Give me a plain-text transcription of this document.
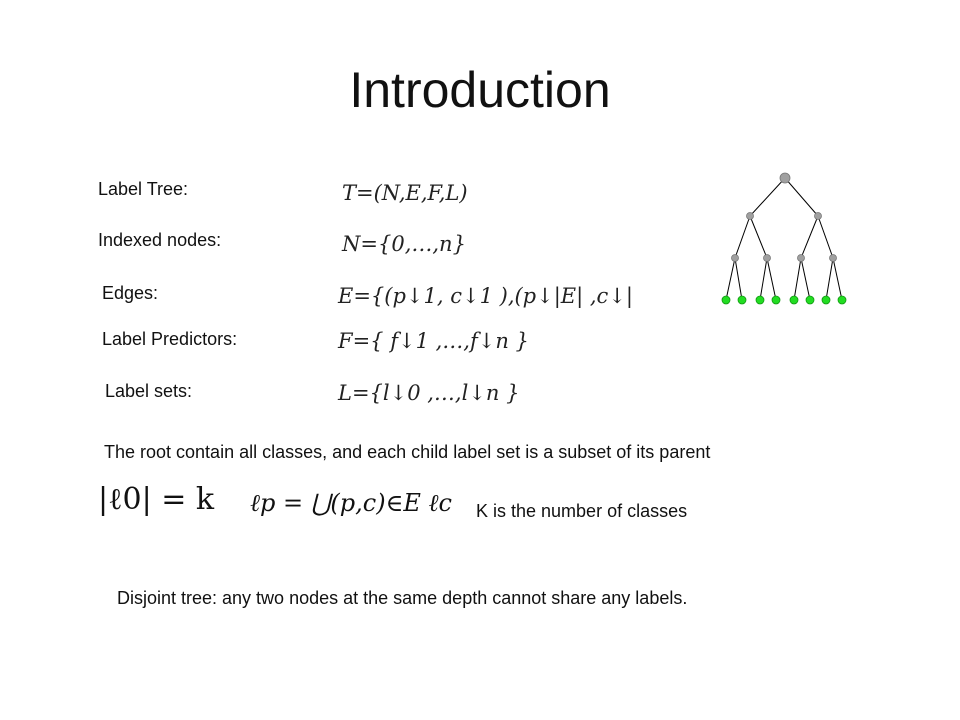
Introduction
Label Tree:	T=(N,E,F,L)
Indexed nodes:	N={0,…,n}
Edges:	E={(p↓1, c↓1 ),(p↓|E| ,c↓|
Label Predictors:	F={ f↓1 ,…,f↓n }
Label sets:	L={l↓0 ,…,l↓n }
The root contain all classes, and each child label set is a subset of its parent
|ℓ0| = k ℓp = ⋃(p,c)∈E ℓc K is the number of classes
Disjoint tree: any two nodes at the same depth cannot share any labels.
